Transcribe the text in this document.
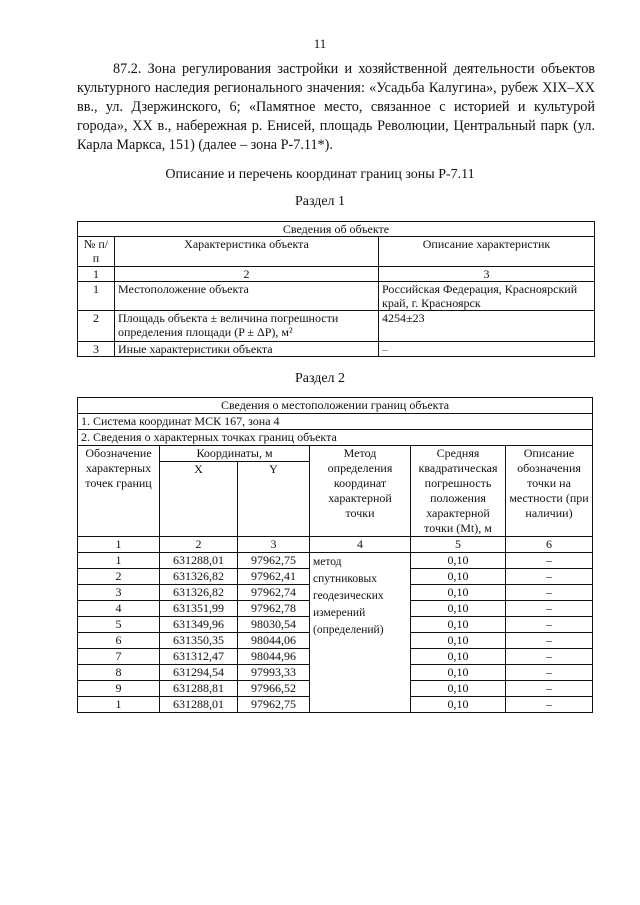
11

87.2. Зона регулирования застройки и хозяйственной деятельности объектов культурного наследия регионального значения: «Усадьба Калугина», рубеж XIX–XX вв., ул. Дзержинского, 6; «Памятное место, связанное с историей и культурой города», XX в., набережная р. Енисей, площадь Революции, Центральный парк (ул. Карла Маркса, 151) (далее – зона Р-7.11*).

Описание и перечень координат границ зоны Р-7.11
Раздел 1
Сведения об объекте		
№ п/п	Характеристика объекта	Описание характеристик
1	2	3
1	Местоположение объекта	Российская Федерация, Красноярский край, г. Красноярск
2	Площадь объекта ± величина погрешности определения площади (P ± ΔP), м²	4254±23
3	Иные характеристики объекта	–
Раздел 2
Сведения о местоположении границ объекта					
1. Система координат МСК 167, зона 4					
2. Сведения о характерных точках границ объекта					
Обозначение характерных точек границ	Координаты, м		Метод определения координат характерной точки	Средняя квадратическая погрешность положения характерной точки (Mt), м	Описание обозначения точки на местности (при наличии)
	X	Y			
1	2	3	4	5	6
1	631288,01	97962,75	метод спутниковых геодезических измерений (определений)	0,10	–
2	631326,82	97962,41		0,10	–
3	631326,82	97962,74		0,10	–
4	631351,99	97962,78		0,10	–
5	631349,96	98030,54		0,10	–
6	631350,35	98044,06		0,10	–
7	631312,47	98044,96		0,10	–
8	631294,54	97993,33		0,10	–
9	631288,81	97966,52		0,10	–
1	631288,01	97962,75		0,10	–
